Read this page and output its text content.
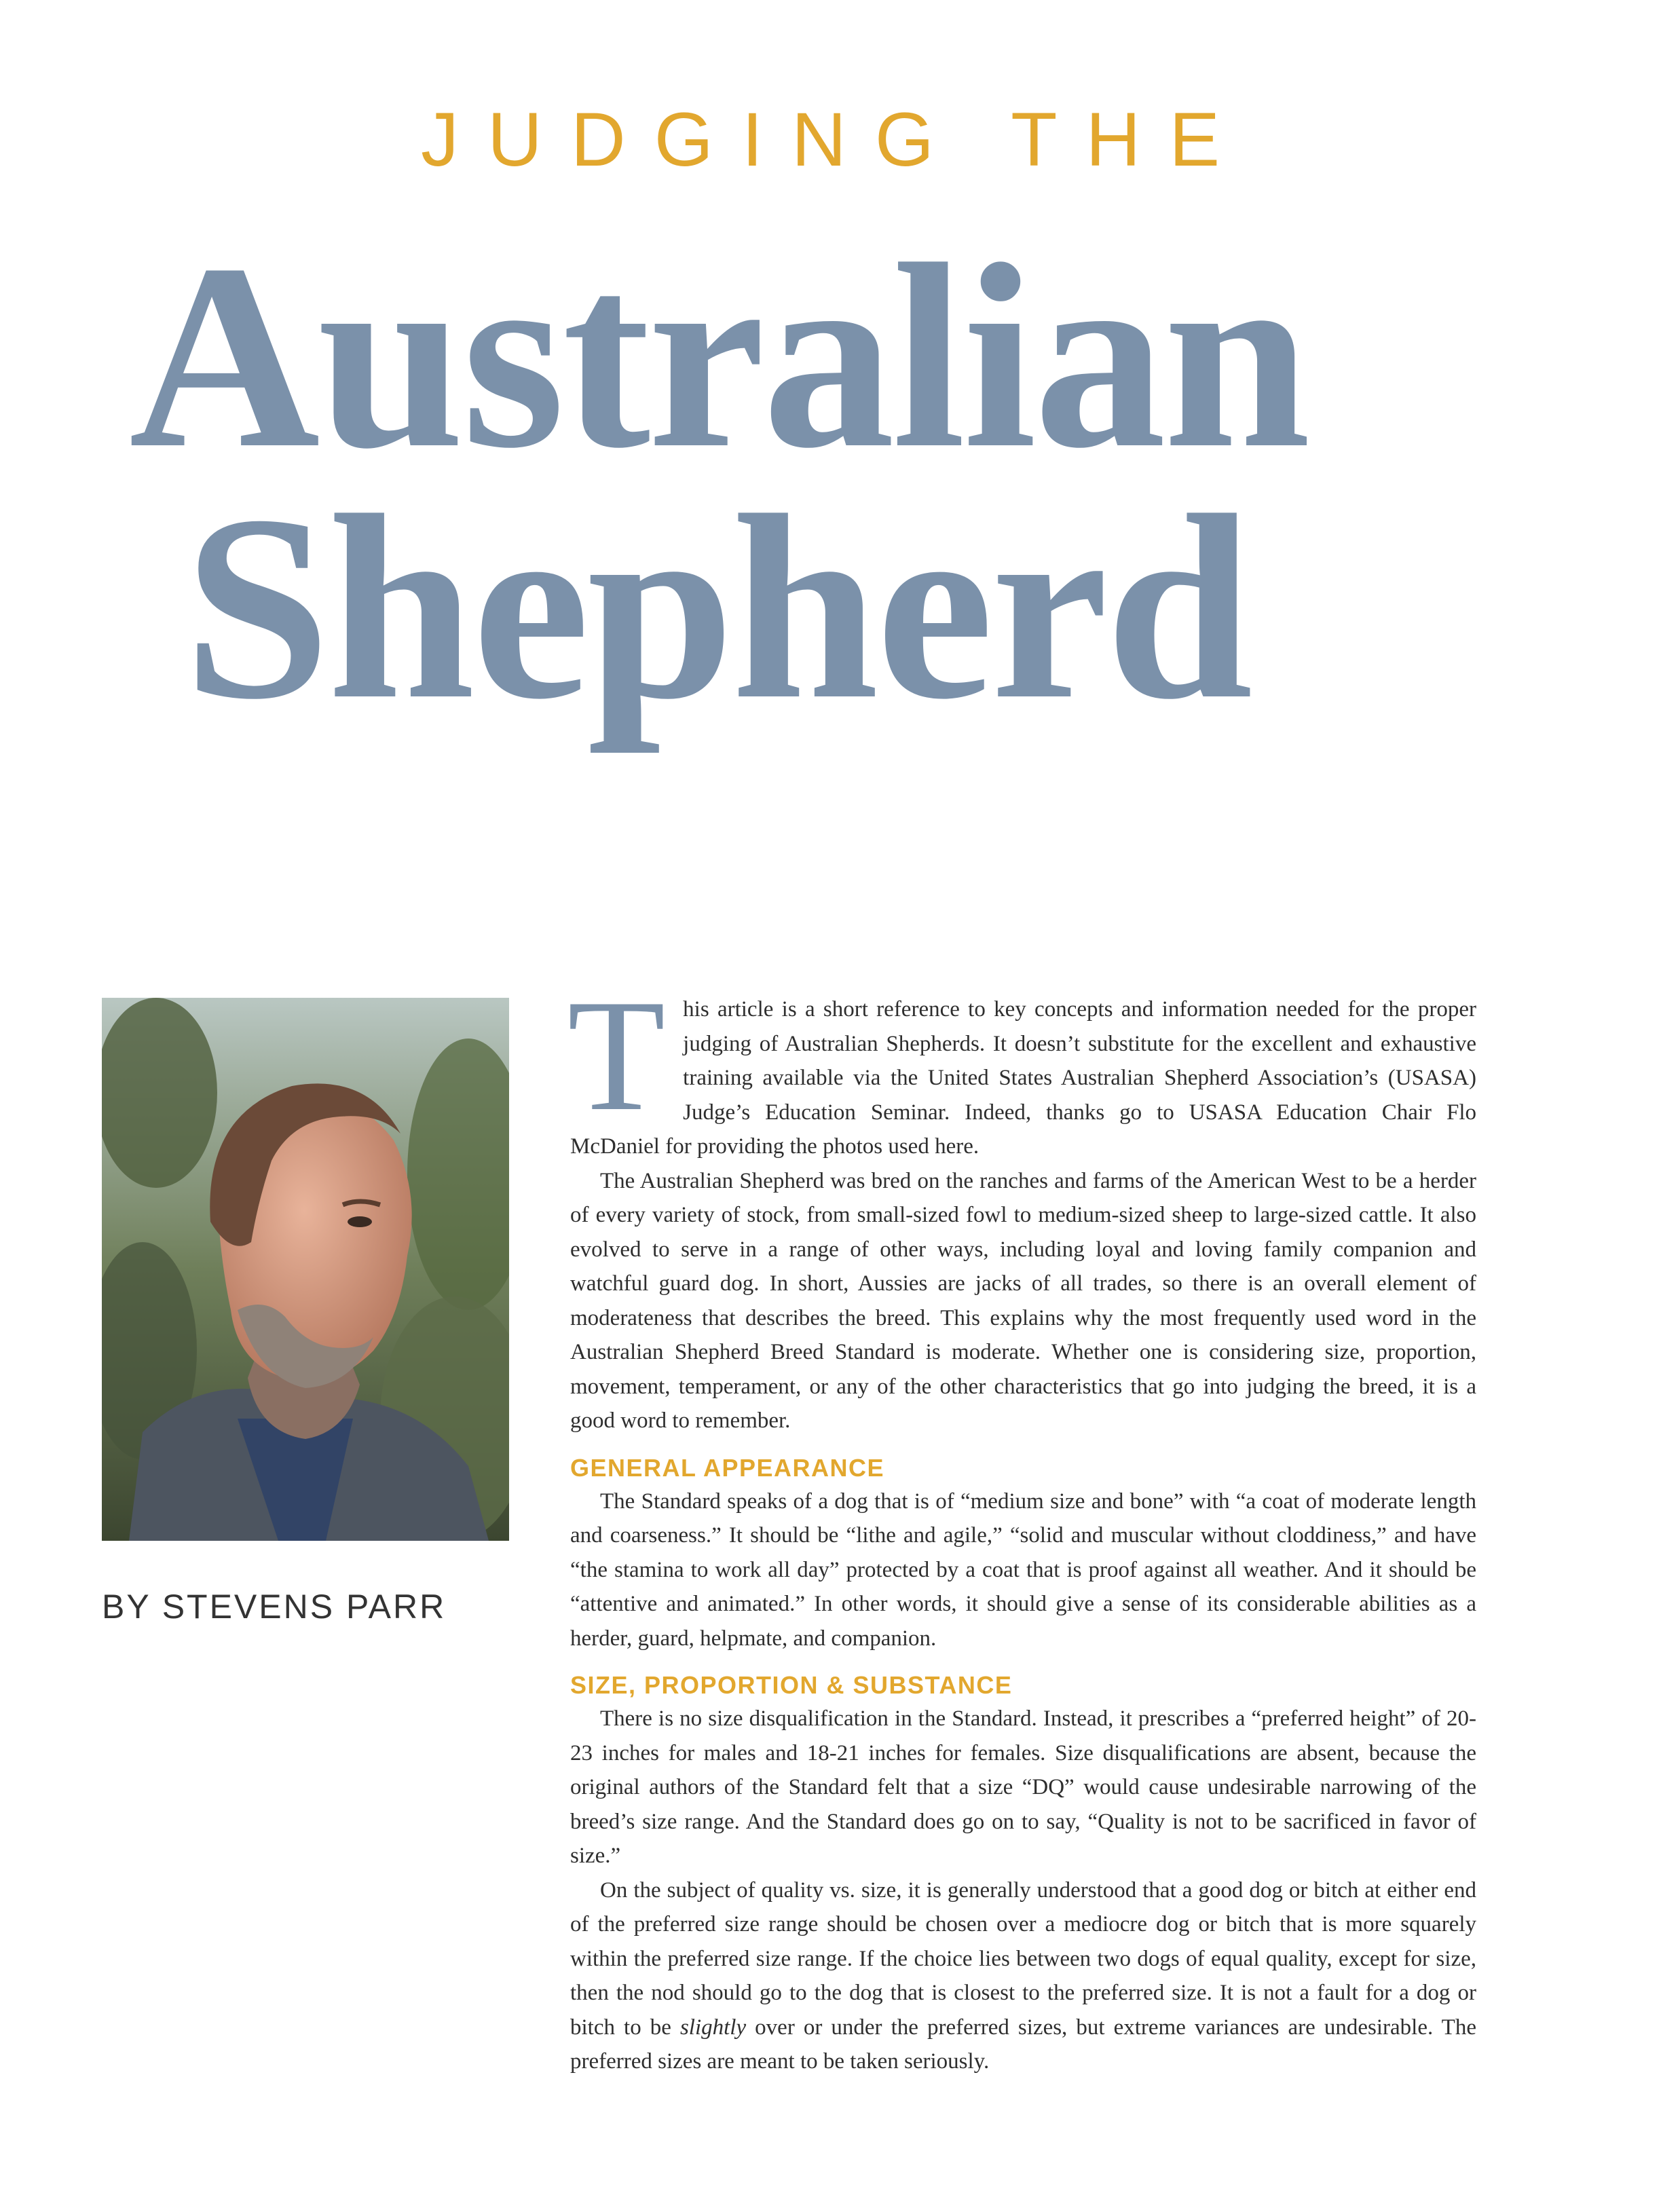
JUDGING THE
Australian
Shepherd
BY STEVENS PARR

This article is a short reference to key concepts and information needed for the proper judging of Australian Shepherds. It doesn’t substitute for the excellent and exhaustive training available via the United States Australian Shepherd Association’s (USASA) Judge’s Education Seminar. Indeed, thanks go to USASA Education Chair Flo McDaniel for providing the photos used here.

The Australian Shepherd was bred on the ranches and farms of the American West to be a herder of every variety of stock, from small-sized fowl to medium-sized sheep to large-sized cattle. It also evolved to serve in a range of other ways, including loyal and loving family companion and watchful guard dog. In short, Aussies are jacks of all trades, so there is an overall element of moderateness that describes the breed. This explains why the most frequently used word in the Australian Shepherd Breed Standard is moderate. Whether one is considering size, proportion, movement, temperament, or any of the other characteristics that go into judging the breed, it is a good word to remember.

GENERAL APPEARANCE

The Standard speaks of a dog that is of “medium size and bone” with “a coat of moderate length and coarseness.” It should be “lithe and agile,” “solid and muscular without cloddiness,” and have “the stamina to work all day” protected by a coat that is proof against all weather. And it should be “attentive and animated.” In other words, it should give a sense of its considerable abilities as a herder, guard, helpmate, and companion.

SIZE, PROPORTION & SUBSTANCE

There is no size disqualification in the Standard. Instead, it prescribes a “preferred height” of 20-23 inches for males and 18-21 inches for females. Size disqualifications are absent, because the original authors of the Standard felt that a size “DQ” would cause undesirable narrowing of the breed’s size range. And the Standard does go on to say, “Quality is not to be sacrificed in favor of size.”

On the subject of quality vs. size, it is generally understood that a good dog or bitch at either end of the preferred size range should be chosen over a mediocre dog or bitch that is more squarely within the preferred size range. If the choice lies between two dogs of equal quality, except for size, then the nod should go to the dog that is closest to the preferred size. It is not a fault for a dog or bitch to be slightly over or under the preferred sizes, but extreme variances are undesirable. The preferred sizes are meant to be taken seriously.
